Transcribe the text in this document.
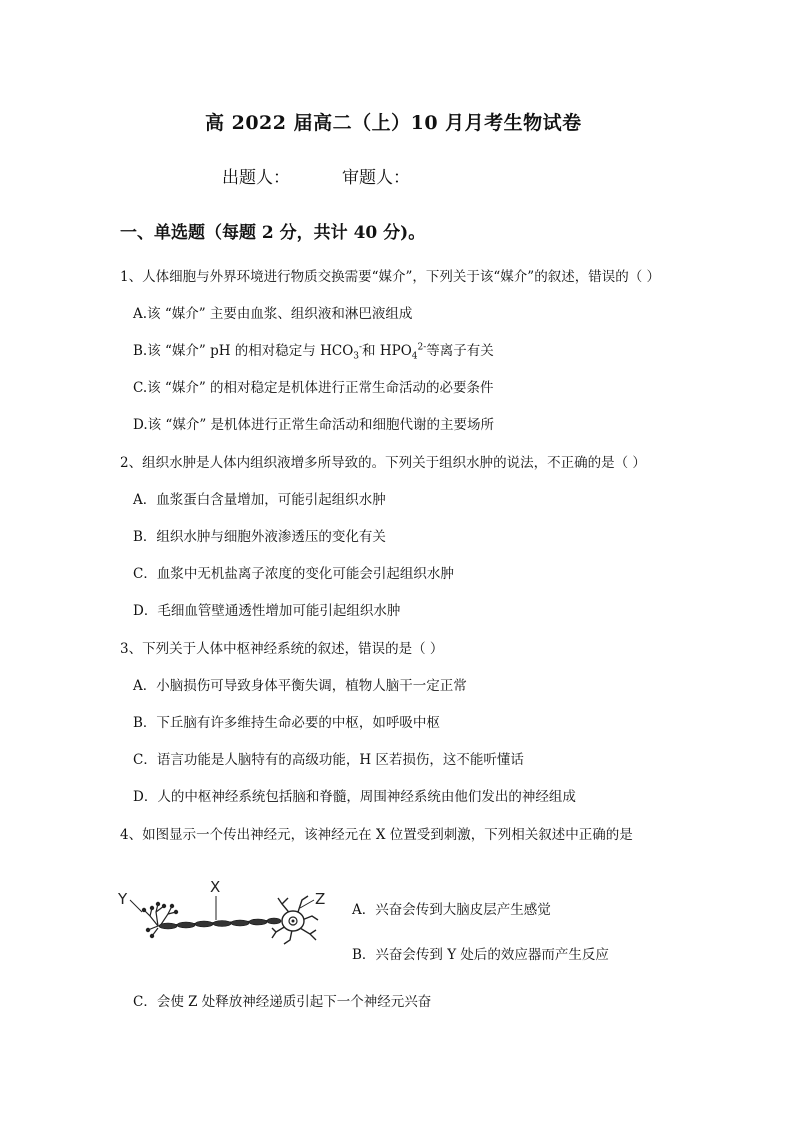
高 2022 届高二（上）10 月月考生物试卷
出题人：	审题人：
一、单选题（每题 2 分，共计 40 分)。
1、人体细胞与外界环境进行物质交换需要“媒介”，下列关于该“媒介”的叙述，错误的（ ）
A.该 “媒介” 主要由血浆、组织液和淋巴液组成
B.该 “媒介” pH 的相对稳定与 $HCO_3^-$和 $HPO_4^{2-}$等离子有关
C.该 “媒介” 的相对稳定是机体进行正常生命活动的必要条件
D.该 “媒介” 是机体进行正常生命活动和细胞代谢的主要场所
2、组织水肿是人体内组织液增多所导致的。下列关于组织水肿的说法，不正确的是（ ）
A．血浆蛋白含量增加，可能引起组织水肿
B．组织水肿与细胞外液渗透压的变化有关
C．血浆中无机盐离子浓度的变化可能会引起组织水肿
D．毛细血管壁通透性增加可能引起组织水肿
3、下列关于人体中枢神经系统的叙述，错误的是（ ）
A．小脑损伤可导致身体平衡失调，植物人脑干一定正常
B．下丘脑有许多维持生命必要的中枢，如呼吸中枢
C．语言功能是人脑特有的高级功能，H 区若损伤，这不能听懂话
D．人的中枢神经系统包括脑和脊髓，周围神经系统由他们发出的神经组成
4、如图显示一个传出神经元，该神经元在 X 位置受到刺激，下列相关叙述中正确的是
Y
X
Z
A．兴奋会传到大脑皮层产生感觉
B．兴奋会传到 Y 处后的效应器而产生反应
C．会使 Z 处释放神经递质引起下一个神经元兴奋
